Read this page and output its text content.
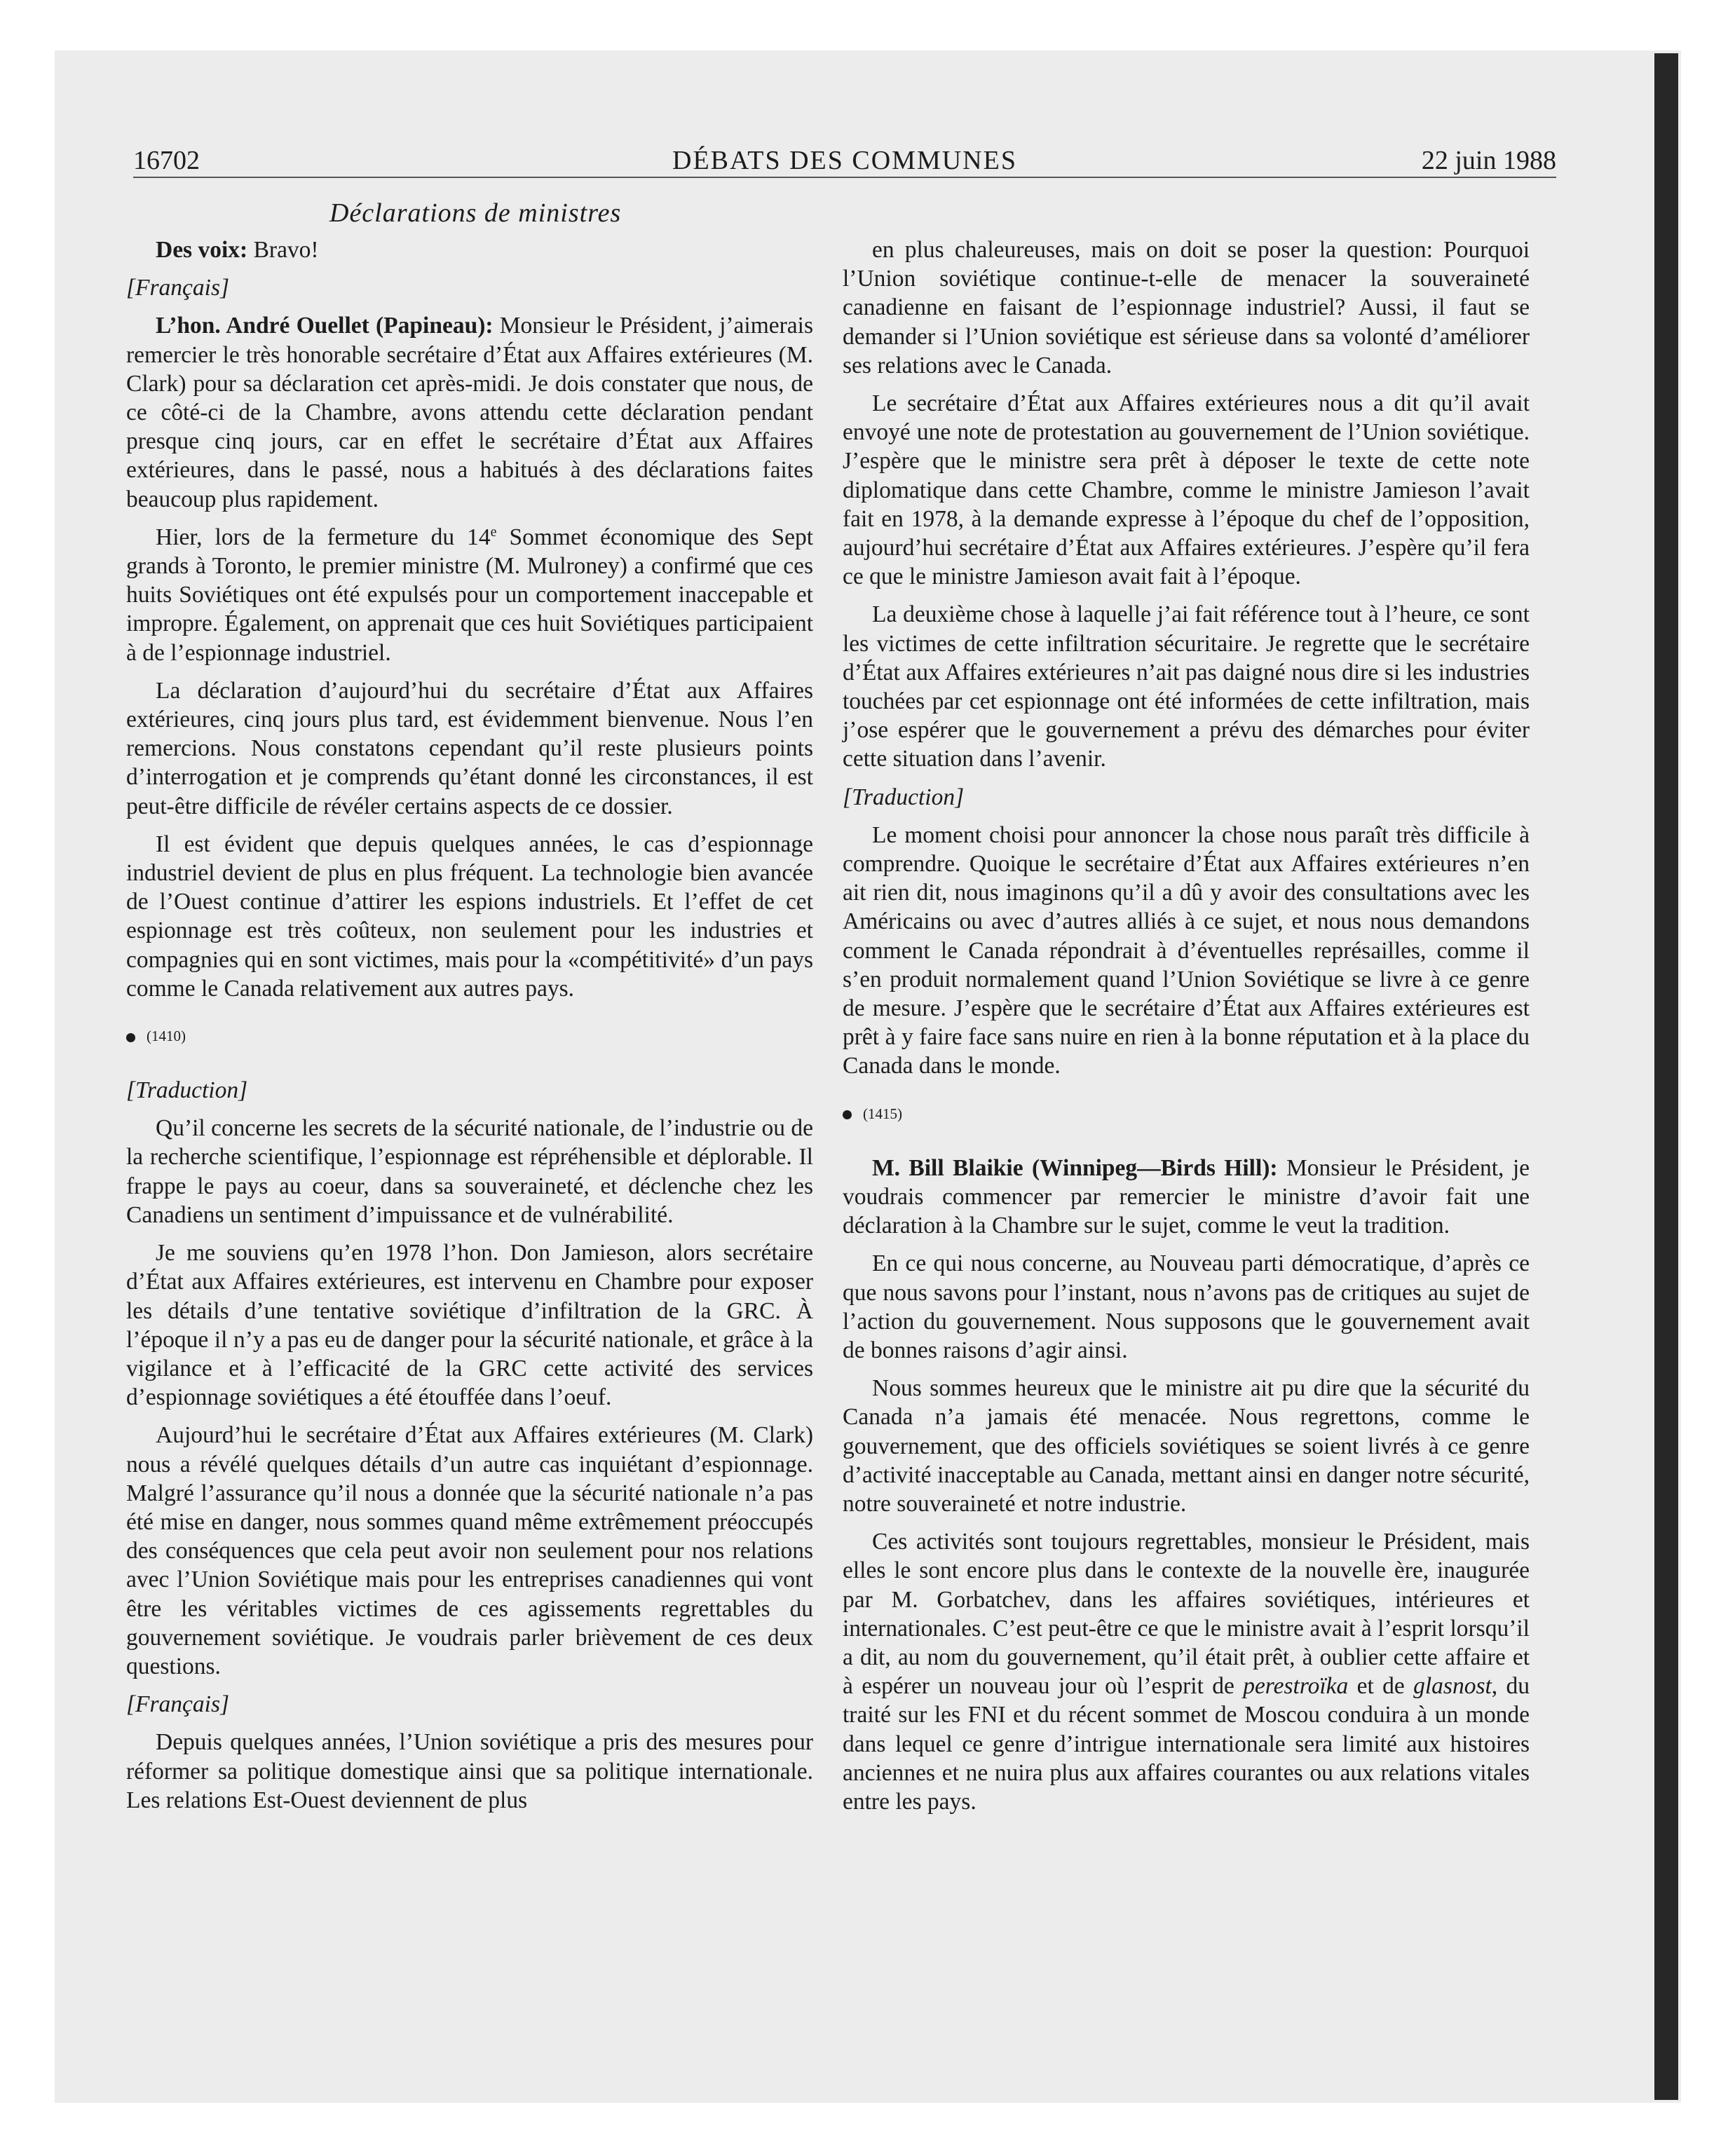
16702	DÉBATS DES COMMUNES	22 juin 1988
Déclarations de ministres

Des voix: Bravo!

[Français]

L’hon. André Ouellet (Papineau): Monsieur le Président, j’aimerais remercier le très honorable secrétaire d’État aux Affaires extérieures (M. Clark) pour sa déclaration cet après-midi. Je dois constater que nous, de ce côté-ci de la Chambre, avons attendu cette déclaration pendant presque cinq jours, car en effet le secrétaire d’État aux Affaires extérieures, dans le passé, nous a habitués à des déclarations faites beaucoup plus rapidement.

Hier, lors de la fermeture du 14e Sommet économique des Sept grands à Toronto, le premier ministre (M. Mulroney) a confirmé que ces huits Soviétiques ont été expulsés pour un comportement inaccepable et impropre. Également, on apprenait que ces huit Soviétiques participaient à de l’espionnage industriel.

La déclaration d’aujourd’hui du secrétaire d’État aux Affaires extérieures, cinq jours plus tard, est évidemment bienvenue. Nous l’en remercions. Nous constatons cependant qu’il reste plusieurs points d’interrogation et je comprends qu’étant donné les circonstances, il est peut-être difficile de révéler certains aspects de ce dossier.

Il est évident que depuis quelques années, le cas d’espionnage industriel devient de plus en plus fréquent. La technologie bien avancée de l’Ouest continue d’attirer les espions industriels. Et l’effet de cet espionnage est très coûteux, non seulement pour les industries et compagnies qui en sont victimes, mais pour la «compétitivité» d’un pays comme le Canada relativement aux autres pays.

(1410)

[Traduction]

Qu’il concerne les secrets de la sécurité nationale, de l’industrie ou de la recherche scientifique, l’espionnage est répréhensible et déplorable. Il frappe le pays au coeur, dans sa souveraineté, et déclenche chez les Canadiens un sentiment d’impuissance et de vulnérabilité.

Je me souviens qu’en 1978 l’hon. Don Jamieson, alors secrétaire d’État aux Affaires extérieures, est intervenu en Chambre pour exposer les détails d’une tentative soviétique d’infiltration de la GRC. À l’époque il n’y a pas eu de danger pour la sécurité nationale, et grâce à la vigilance et à l’efficacité de la GRC cette activité des services d’espionnage soviétiques a été étouffée dans l’oeuf.

Aujourd’hui le secrétaire d’État aux Affaires extérieures (M. Clark) nous a révélé quelques détails d’un autre cas inquiétant d’espionnage. Malgré l’assurance qu’il nous a donnée que la sécurité nationale n’a pas été mise en danger, nous sommes quand même extrêmement préoccupés des conséquences que cela peut avoir non seulement pour nos relations avec l’Union Soviétique mais pour les entreprises canadiennes qui vont être les véritables victimes de ces agissements regrettables du gouvernement soviétique. Je voudrais parler brièvement de ces deux questions.

[Français]

Depuis quelques années, l’Union soviétique a pris des mesures pour réformer sa politique domestique ainsi que sa politique internationale. Les relations Est-Ouest deviennent de plus

en plus chaleureuses, mais on doit se poser la question: Pourquoi l’Union soviétique continue-t-elle de menacer la souveraineté canadienne en faisant de l’espionnage industriel? Aussi, il faut se demander si l’Union soviétique est sérieuse dans sa volonté d’améliorer ses relations avec le Canada.

Le secrétaire d’État aux Affaires extérieures nous a dit qu’il avait envoyé une note de protestation au gouvernement de l’Union soviétique. J’espère que le ministre sera prêt à déposer le texte de cette note diplomatique dans cette Chambre, comme le ministre Jamieson l’avait fait en 1978, à la demande expresse à l’époque du chef de l’opposition, aujourd’hui secrétaire d’État aux Affaires extérieures. J’espère qu’il fera ce que le ministre Jamieson avait fait à l’époque.

La deuxième chose à laquelle j’ai fait référence tout à l’heure, ce sont les victimes de cette infiltration sécuritaire. Je regrette que le secrétaire d’État aux Affaires extérieures n’ait pas daigné nous dire si les industries touchées par cet espionnage ont été informées de cette infiltration, mais j’ose espérer que le gouvernement a prévu des démarches pour éviter cette situation dans l’avenir.

[Traduction]

Le moment choisi pour annoncer la chose nous paraît très difficile à comprendre. Quoique le secrétaire d’État aux Affaires extérieures n’en ait rien dit, nous imaginons qu’il a dû y avoir des consultations avec les Américains ou avec d’autres alliés à ce sujet, et nous nous demandons comment le Canada répondrait à d’éventuelles représailles, comme il s’en produit normalement quand l’Union Soviétique se livre à ce genre de mesure. J’espère que le secrétaire d’État aux Affaires extérieures est prêt à y faire face sans nuire en rien à la bonne réputation et à la place du Canada dans le monde.

(1415)

M. Bill Blaikie (Winnipeg—Birds Hill): Monsieur le Président, je voudrais commencer par remercier le ministre d’avoir fait une déclaration à la Chambre sur le sujet, comme le veut la tradition.

En ce qui nous concerne, au Nouveau parti démocratique, d’après ce que nous savons pour l’instant, nous n’avons pas de critiques au sujet de l’action du gouvernement. Nous supposons que le gouvernement avait de bonnes raisons d’agir ainsi.

Nous sommes heureux que le ministre ait pu dire que la sécurité du Canada n’a jamais été menacée. Nous regrettons, comme le gouvernement, que des officiels soviétiques se soient livrés à ce genre d’activité inacceptable au Canada, mettant ainsi en danger notre sécurité, notre souveraineté et notre industrie.

Ces activités sont toujours regrettables, monsieur le Président, mais elles le sont encore plus dans le contexte de la nouvelle ère, inaugurée par M. Gorbatchev, dans les affaires soviétiques, intérieures et internationales. C’est peut-être ce que le ministre avait à l’esprit lorsqu’il a dit, au nom du gouvernement, qu’il était prêt, à oublier cette affaire et à espérer un nouveau jour où l’esprit de perestroïka et de glasnost, du traité sur les FNI et du récent sommet de Moscou conduira à un monde dans lequel ce genre d’intrigue internationale sera limité aux histoires anciennes et ne nuira plus aux affaires courantes ou aux relations vitales entre les pays.
